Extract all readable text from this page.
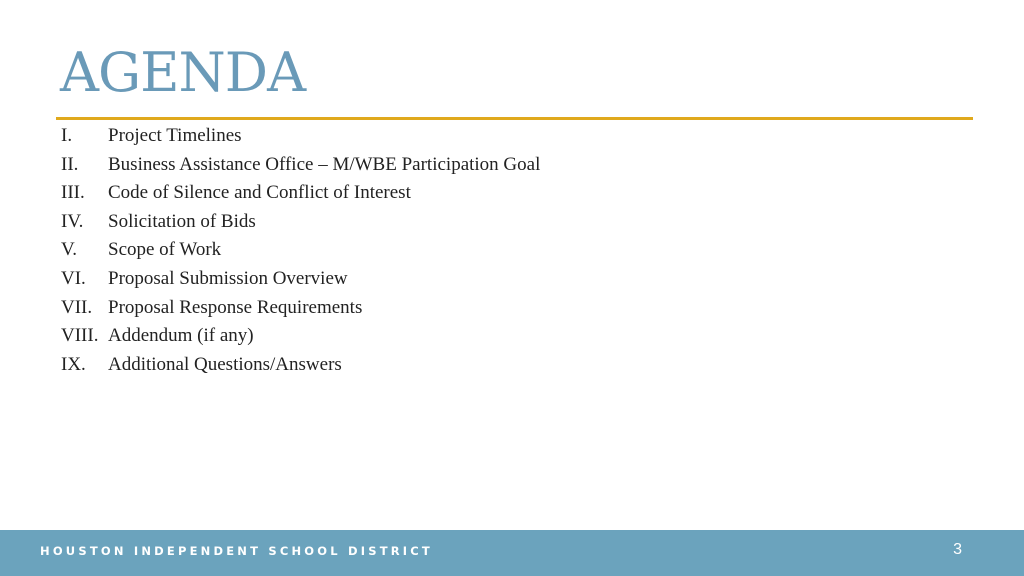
AGENDA
I.	Project Timelines
II.	Business Assistance Office – M/WBE Participation Goal
III.	Code of Silence and Conflict of Interest
IV.	Solicitation of Bids
V.	Scope of Work
VI.	Proposal Submission Overview
VII. Proposal Response Requirements
VIII. Addendum (if any)
IX.	Additional Questions/Answers
HOUSTON INDEPENDENT SCHOOL DISTRICT	3
